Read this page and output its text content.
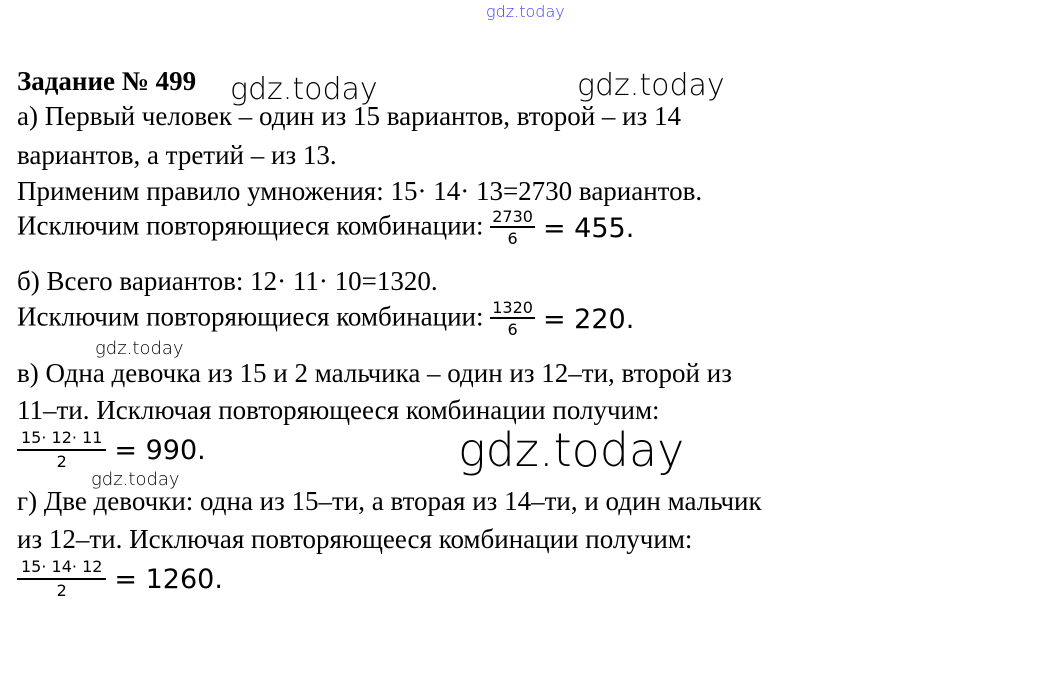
gdz.today
gdz.today	gdz.today
gdz.today
gdz.today
gdz.today
Задание № 499
а) Первый человек – один из 15 вариантов, второй – из 14
вариантов, а третий – из 13.
Применим правило умножения: 15· 14· 13=2730 вариантов.
Исключим повторяющиеся комбинации: $\frac{2730}{6} = 455$.
б) Всего вариантов: 12· 11· 10=1320.
Исключим повторяющиеся комбинации: $\frac{1320}{6} = 220$.
в) Одна девочка из 15 и 2 мальчика – один из 12–ти, второй из
11–ти. Исключая повторяющееся комбинации получим:
$\frac{15\cdot 12\cdot 11}{2} = 990$.
г) Две девочки: одна из 15–ти, а вторая из 14–ти, и один мальчик
из 12–ти. Исключая повторяющееся комбинации получим:
$\frac{15\cdot 14\cdot 12}{2} = 1260$.
